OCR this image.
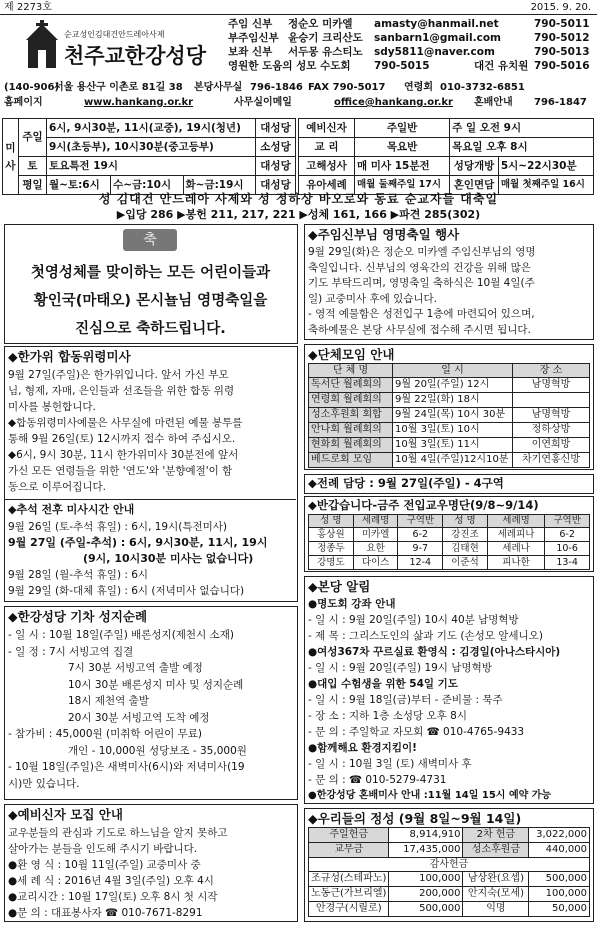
제 2273호	2015. 9. 20.
순교성인김대건안드레아사제
천주교한강성당
주임 신부	정순오 미카엘	amasty@hanmail.net	790-5011
부주임신부 윤승기 크리산도	sanbarn1@gmail.com	790-5012
보좌 신부	서두몽 유스티노	sdy5811@naver.com	790-5013
영원한 도움의 성모 수도회	790-5015	대건 유치원 790-5016
(140-906)
서울 용산구 이촌로 81길 38	본당사무실 796-1846 FAX 790-5017	연령회 010-3732-6851
홈페이지	www.hankang.or.kr	사무실이메일	office@hankang.or.kr	혼배안내	796-1847
미
사	주일	6시, 9시30분, 11시(교중), 19시(청년)			대성당
		9시(초등부), 10시30분(중고등부)			소성당
	토	토요특전 19시			대성당
	평일	월~토:6시	수~금:10시	화~금:19시	대성당
예비신자	주일반	주 일 오전 9시	
교 리	목요반	목요일 오후 8시	
고해성사	매 미사 15분전	성당개방	5시~22시30분
유아세례	매월 둘째주일 17시	혼인면담	매월 첫째주일 16시
성 김대건 안드레아 사제와 성 정하상 바오로와 동료 순교자들 대축일
▶입당 286 ▶봉헌 211, 217, 221 ▶성체 161, 166 ▶파견 285(302)
축
첫영성체를 맞이하는 모든 어린이들과
황인국(마태오) 몬시뇰님 영명축일을
진심으로 축하드립니다.
◆한가위 합동위령미사
9월 27일(주일)은 한가위입니다. 앞서 가신 부모
님, 형제, 자매, 은인들과 선조들을 위한 합동 위령
미사를 봉헌합니다.
◆합동위령미사예물은 사무실에 마련된 예물 봉투를
통해 9월 26일(토) 12시까지 접수 하여 주십시오.
◆6시, 9시 30분, 11시 한가위미사 30분전에 앞서
가신 모든 연령들을 위한 '연도'와 '분향예절'이 함
동으로 이루어집니다.
◆추석 전후 미사시간 안내
9월 26일 (토-추석 휴일) : 6시, 19시(특전미사)
9월 27일 (주일-추석) : 6시, 9시30분, 11시, 19시
(9시, 10시30분 미사는 없습니다)
9월 28일 (월-추석 휴일) : 6시
9월 29일 (화-대체 휴일) : 6시 (저녁미사 없습니다)
◆한강성당 기차 성지순례
- 일 시 : 10월 18일(주일) 배론성지(제천시 소재)
- 일 정 : 7시 서빙고역 집결
7시 30분 서빙고역 출발 예정
10시 30분 배론성지 미사 및 성지순례
18시 제천역 출발
20시 30분 서빙고역 도착 예정
- 참가비 : 45,000원 (미취학 어린이 무료)
개인 - 10,000원 성당보조 - 35,000원
- 10월 18일(주일)은 새벽미사(6시)와 저녁미사(19
시)만 있습니다.
◆예비신자 모집 안내
교우분들의 관심과 기도로 하느님을 알지 못하고
살아가는 분들을 인도해 주시기 바랍니다.
●환 영 식 : 10월 11일(주일) 교중미사 중
●세 례 식 : 2016년 4월 3일(주일) 오후 4시
●교리시간 : 10월 17일(토) 오후 8시 첫 시작
●문 의 : 대표봉사자 ☎ 010-7671-8291
◆주임신부님 영명축일 행사
9월 29일(화)은 정순오 미카엘 주임신부님의 영명
축일입니다. 신부님의 영육간의 건강을 위해 많은
기도 부탁드리며, 영명축일 축하식은 10월 4일(주
일) 교중미사 후에 있습니다.
- 영적 예물함은 성전입구 1층에 마련되어 있으며,
축하예물은 본당 사무실에 접수해 주시면 됩니다.
◆단체모임 안내
단 체 명	일 시	장 소
독서단 월례회의	9월 20일(주일) 12시	남명혁방
연령회 월례회의	9월 22일(화) 18시	
성소후원회 회합	9월 24일(목) 10시 30분	남명혁방
안나회 월례회의	10월 3일(토) 10시	정하상방
현화회 월례회의	10월 3일(토) 11시	이연희방
베드로회 모임	10월 4일(주일)12시10분	차기연홍신방
◆전례 담당 : 9월 27일(주일) - 4구역
◆반갑습니다-금주 전입교우명단(9/8~9/14)
성 명	세례명	구역반	성 명	세례명	구역반
홍상원	미카엘	6-2	강진조	세레피나	6-2
정종두	요한	9-7	김태현	세레나	10-6
강명도	다이스	12-4	이준석	피나한	13-4
◆본당 알림
●명도회 강좌 안내
- 일 시 : 9월 20일(주일) 10시 40분 남명혁방
- 제 목 : 그리스도인의 삶과 기도 (손성모 알세니오)
●여성367차 꾸르실료 환영식 : 김경일(아나스타시아)
- 일 시 : 9월 20일(주일) 19시 남명혁방
●대입 수험생을 위한 54일 기도
- 일 시 : 9월 18일(금)부터 - 준비물 : 묵주
- 장 소 : 지하 1층 소성당 오후 8시
- 문 의 : 주일학교 자모회 ☎ 010-4765-9433
●함께해요 환경지킴이!
- 일 시 : 10월 3일 (토) 새벽미사 후
- 문 의 : ☎ 010-5279-4731
●한강성당 혼배미사 안내 :11월 14일 15시 예약 가능
◆우리들의 정성 (9월 8일~9월 14일)
주일헌금	8,914,910	2차 헌금	3,022,000
교무금	17,435,000	성소후원금	440,000
감사헌금			
조규성(스테파노)	100,000	남상완(요셉)	500,000
노동근(가브리엘)	200,000	안지숙(모세)	100,000
안경구(시릴로)	500,000	익명	50,000
